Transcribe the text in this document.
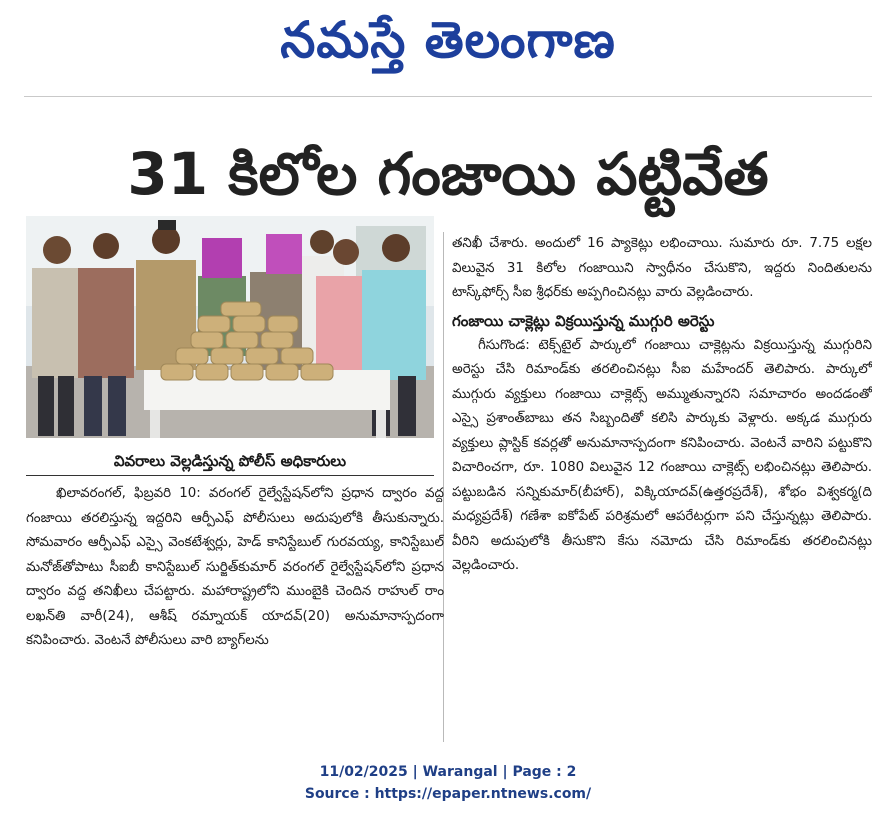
నమస్తే తెలంగాణ
31 కిలోల గంజాయి పట్టివేత
వివరాలు వెల్లడిస్తున్న పోలీస్ అధికారులు

ఖిలావరంగల్, ఫిబ్రవరి 10: వరంగల్ రైల్వేస్టేషన్‌లోని ప్రధాన ద్వారం వద్ద గంజాయి తరలిస్తున్న ఇద్దరిని ఆర్పీఎఫ్ పోలీసులు అదుపులోకి తీసుకున్నారు. సోమవారం ఆర్పీఎఫ్ ఎస్సై వెంకటేశ్వర్లు, హెడ్ కానిస్టేబుల్ గురవయ్య, కానిస్టేబుల్ మనోజ్‌తోపాటు సీఐబీ కానిస్టేబుల్ సుర్జిత్‌కుమార్ వరంగల్ రైల్వేస్టేషన్‌లోని ప్రధాన ద్వారం వద్ద తనిఖీలు చేపట్టారు. మహారాష్ట్రలోని ముంబైకి చెందిన రాహుల్ రాం లఖన్‌తి వారీ(24), ఆశీష్ రమ్నాయక్ యాదవ్(20) అనుమానాస్పదంగా కనిపించారు. వెంటనే పోలీసులు వారి బ్యాగ్‌లను

తనిఖీ చేశారు. అందులో 16 ప్యాకెట్లు లభించాయి. సుమారు రూ. 7.75 లక్షల విలువైన 31 కిలోల గంజాయిని స్వాధీనం చేసుకొని, ఇద్దరు నిందితులను టాస్క్‌ఫోర్స్ సీఐ శ్రీధర్‌కు అప్పగించినట్లు వారు వెల్లడించారు.

గంజాయి చాక్లెట్లు విక్రయిస్తున్న ముగ్గురి అరెస్టు

గీసుగొండ: టెక్స్‌టైల్ పార్కులో గంజాయి చాక్లెట్లను విక్రయిస్తున్న ముగ్గురిని అరెస్టు చేసి రిమాండ్‌కు తరలించినట్లు సీఐ మహేందర్ తెలిపారు. పార్కులో ముగ్గురు వ్యక్తులు గంజాయి చాక్లెట్స్ అమ్ముతున్నారని సమాచారం అందడంతో ఎస్సై ప్రశాంత్‌బాబు తన సిబ్బందితో కలిసి పార్కుకు వెళ్లారు. అక్కడ ముగ్గురు వ్యక్తులు ప్లాస్టిక్ కవర్లతో అనుమానాస్పదంగా కనిపించారు. వెంటనే వారిని పట్టుకొని విచారించగా, రూ. 1080 విలువైన 12 గంజాయి చాక్లెట్స్ లభించినట్లు తెలిపారు. పట్టుబడిన సన్నికుమార్(బీహార్), విక్కియాదవ్(ఉత్తరప్రదేశ్), శోభం విశ్వకర్మ(ది మధ్యప్రదేశ్) గణేశా ఐకోపేట్ పరిశ్రమలో ఆపరేటర్లుగా పని చేస్తున్నట్లు తెలిపారు. వీరిని అదుపులోకి తీసుకొని కేసు నమోదు చేసి రిమాండ్‌కు తరలించినట్లు వెల్లడించారు.

11/02/2025 | Warangal | Page : 2
Source : https://epaper.ntnews.com/
